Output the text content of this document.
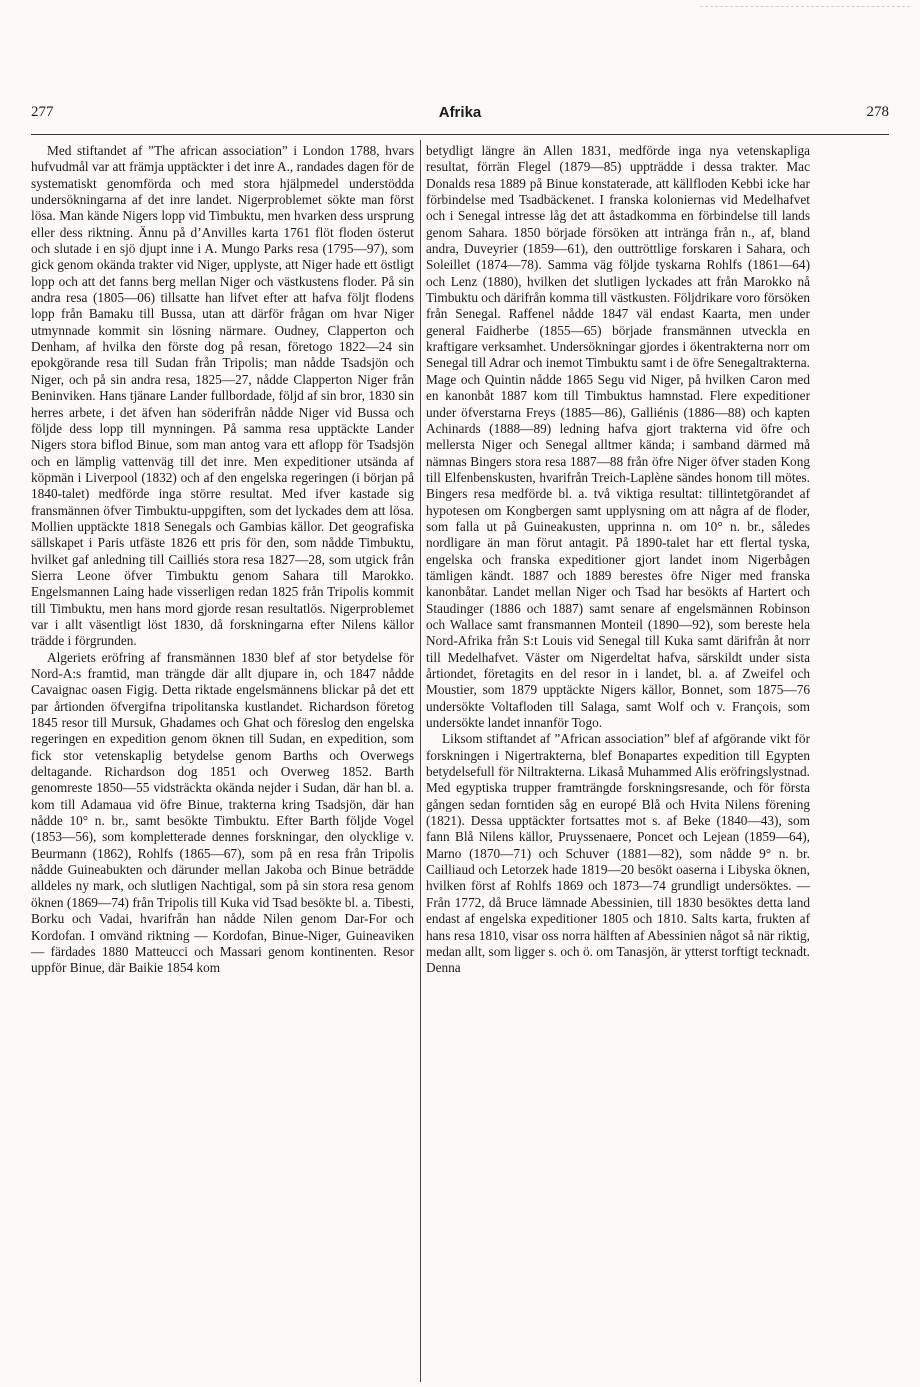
277	Afrika	278

Med stiftandet af ”The african association” i London 1788, hvars hufvudmål var att främja upptäckter i det inre A., randades dagen för de systematiskt genomförda och med stora hjälpmedel understödda undersökningarna af det inre landet. Nigerproblemet sökte man först lösa. Man kände Nigers lopp vid Timbuktu, men hvarken dess ursprung eller dess riktning. Ännu på d’Anvilles karta 1761 flöt floden österut och slutade i en sjö djupt inne i A. Mungo Parks resa (1795—97), som gick genom okända trakter vid Niger, upplyste, att Niger hade ett östligt lopp och att det fanns berg mellan Niger och västkustens floder. På sin andra resa (1805—06) tillsatte han lifvet efter att hafva följt flodens lopp från Bamaku till Bussa, utan att därför frågan om hvar Niger utmynnade kommit sin lösning närmare. Oudney, Clapperton och Denham, af hvilka den förste dog på resan, företogo 1822—24 sin epokgörande resa till Sudan från Tripolis; man nådde Tsadsjön och Niger, och på sin andra resa, 1825—27, nådde Clapperton Niger från Beninviken. Hans tjänare Lander fullbordade, följd af sin bror, 1830 sin herres arbete, i det äfven han söderifrån nådde Niger vid Bussa och följde dess lopp till mynningen. På samma resa upptäckte Lander Nigers stora biflod Binue, som man antog vara ett aflopp för Tsadsjön och en lämplig vattenväg till det inre. Men expeditioner utsända af köpmän i Liverpool (1832) och af den engelska regeringen (i början på 1840-talet) medförde inga större resultat. Med ifver kastade sig fransmännen öfver Timbuktu-uppgiften, som det lyckades dem att lösa. Mollien upptäckte 1818 Senegals och Gambias källor. Det geografiska sällskapet i Paris utfäste 1826 ett pris för den, som nådde Timbuktu, hvilket gaf anledning till Cailliés stora resa 1827—28, som utgick från Sierra Leone öfver Timbuktu genom Sahara till Marokko. Engelsmannen Laing hade visserligen redan 1825 från Tripolis kommit till Timbuktu, men hans mord gjorde resan resultatlös. Nigerproblemet var i allt väsentligt löst 1830, då forskningarna efter Nilens källor trädde i förgrunden.

Algeriets eröfring af fransmännen 1830 blef af stor betydelse för Nord-A:s framtid, man trängde där allt djupare in, och 1847 nådde Cavaignac oasen Figig. Detta riktade engelsmännens blickar på det ett par årtionden öfvergifna tripolitanska kustlandet. Richardson företog 1845 resor till Mursuk, Ghadames och Ghat och föreslog den engelska regeringen en expedition genom öknen till Sudan, en expedition, som fick stor vetenskaplig betydelse genom Barths och Overwegs deltagande. Richardson dog 1851 och Overweg 1852. Barth genomreste 1850—55 vidsträckta okända nejder i Sudan, där han bl. a. kom till Adamaua vid öfre Binue, trakterna kring Tsadsjön, där han nådde 10° n. br., samt besökte Timbuktu. Efter Barth följde Vogel (1853—56), som kompletterade dennes forskningar, den olycklige v. Beurmann (1862), Rohlfs (1865—67), som på en resa från Tripolis nådde Guineabukten och därunder mellan Jakoba och Binue beträdde alldeles ny mark, och slutligen Nachtigal, som på sin stora resa genom öknen (1869—74) från Tripolis till Kuka vid Tsad besökte bl. a. Tibesti, Borku och Vadai, hvarifrån han nådde Nilen genom Dar-For och Kordofan. I omvänd riktning — Kordofan, Binue-Niger, Guineaviken — färdades 1880 Matteucci och Massari genom kontinenten. Resor uppför Binue, där Baikie 1854 kom

betydligt längre än Allen 1831, medförde inga nya vetenskapliga resultat, förrän Flegel (1879—85) uppträdde i dessa trakter. Mac Donalds resa 1889 på Binue konstaterade, att källfloden Kebbi icke har förbindelse med Tsadbäckenet. I franska koloniernas vid Medelhafvet och i Senegal intresse låg det att åstadkomma en förbindelse till lands genom Sahara. 1850 började försöken att intränga från n., af, bland andra, Duveyrier (1859—61), den outtröttlige forskaren i Sahara, och Soleillet (1874—78). Samma väg följde tyskarna Rohlfs (1861—64) och Lenz (1880), hvilken det slutligen lyckades att från Marokko nå Timbuktu och därifrån komma till västkusten. Följdrikare voro försöken från Senegal. Raffenel nådde 1847 väl endast Kaarta, men under general Faidherbe (1855—65) började fransmännen utveckla en kraftigare verksamhet. Undersökningar gjordes i ökentrakterna norr om Senegal till Adrar och inemot Timbuktu samt i de öfre Senegaltrakterna. Mage och Quintin nådde 1865 Segu vid Niger, på hvilken Caron med en kanonbåt 1887 kom till Timbuktus hamnstad. Flere expeditioner under öfverstarna Freys (1885—86), Galliénis (1886—88) och kapten Achinards (1888—89) ledning hafva gjort trakterna vid öfre och mellersta Niger och Senegal alltmer kända; i samband därmed må nämnas Bingers stora resa 1887—88 från öfre Niger öfver staden Kong till Elfenbenskusten, hvarifrån Treich-Laplène sändes honom till mötes. Bingers resa medförde bl. a. två viktiga resultat: tillintetgörandet af hypotesen om Kongbergen samt upplysning om att några af de floder, som falla ut på Guineakusten, upprinna n. om 10° n. br., således nordligare än man förut antagit. På 1890-talet har ett flertal tyska, engelska och franska expeditioner gjort landet inom Nigerbågen tämligen kändt. 1887 och 1889 berestes öfre Niger med franska kanonbåtar. Landet mellan Niger och Tsad har besökts af Hartert och Staudinger (1886 och 1887) samt senare af engelsmännen Robinson och Wallace samt fransmannen Monteil (1890—92), som bereste hela Nord-Afrika från S:t Louis vid Senegal till Kuka samt därifrån åt norr till Medelhafvet. Väster om Nigerdeltat hafva, särskildt under sista årtiondet, företagits en del resor in i landet, bl. a. af Zweifel och Moustier, som 1879 upptäckte Nigers källor, Bonnet, som 1875—76 undersökte Voltafloden till Salaga, samt Wolf och v. François, som undersökte landet innanför Togo.

Liksom stiftandet af ”African association” blef af afgörande vikt för forskningen i Nigertrakterna, blef Bonapartes expedition till Egypten betydelsefull för Niltrakterna. Likaså Muhammed Alis eröfringslystnad. Med egyptiska trupper framträngde forskningsresande, och för första gången sedan forntiden såg en europé Blå och Hvita Nilens förening (1821). Dessa upptäckter fortsattes mot s. af Beke (1840—43), som fann Blå Nilens källor, Pruyssenaere, Poncet och Lejean (1859—64), Marno (1870—71) och Schuver (1881—82), som nådde 9° n. br. Cailliaud och Letorzek hade 1819—20 besökt oaserna i Libyska öknen, hvilken först af Rohlfs 1869 och 1873—74 grundligt undersöktes. — Från 1772, då Bruce lämnade Abessinien, till 1830 besöktes detta land endast af engelska expeditioner 1805 och 1810. Salts karta, frukten af hans resa 1810, visar oss norra hälften af Abessinien något så när riktig, medan allt, som ligger s. och ö. om Tanasjön, är ytterst torftigt tecknadt. Denna
